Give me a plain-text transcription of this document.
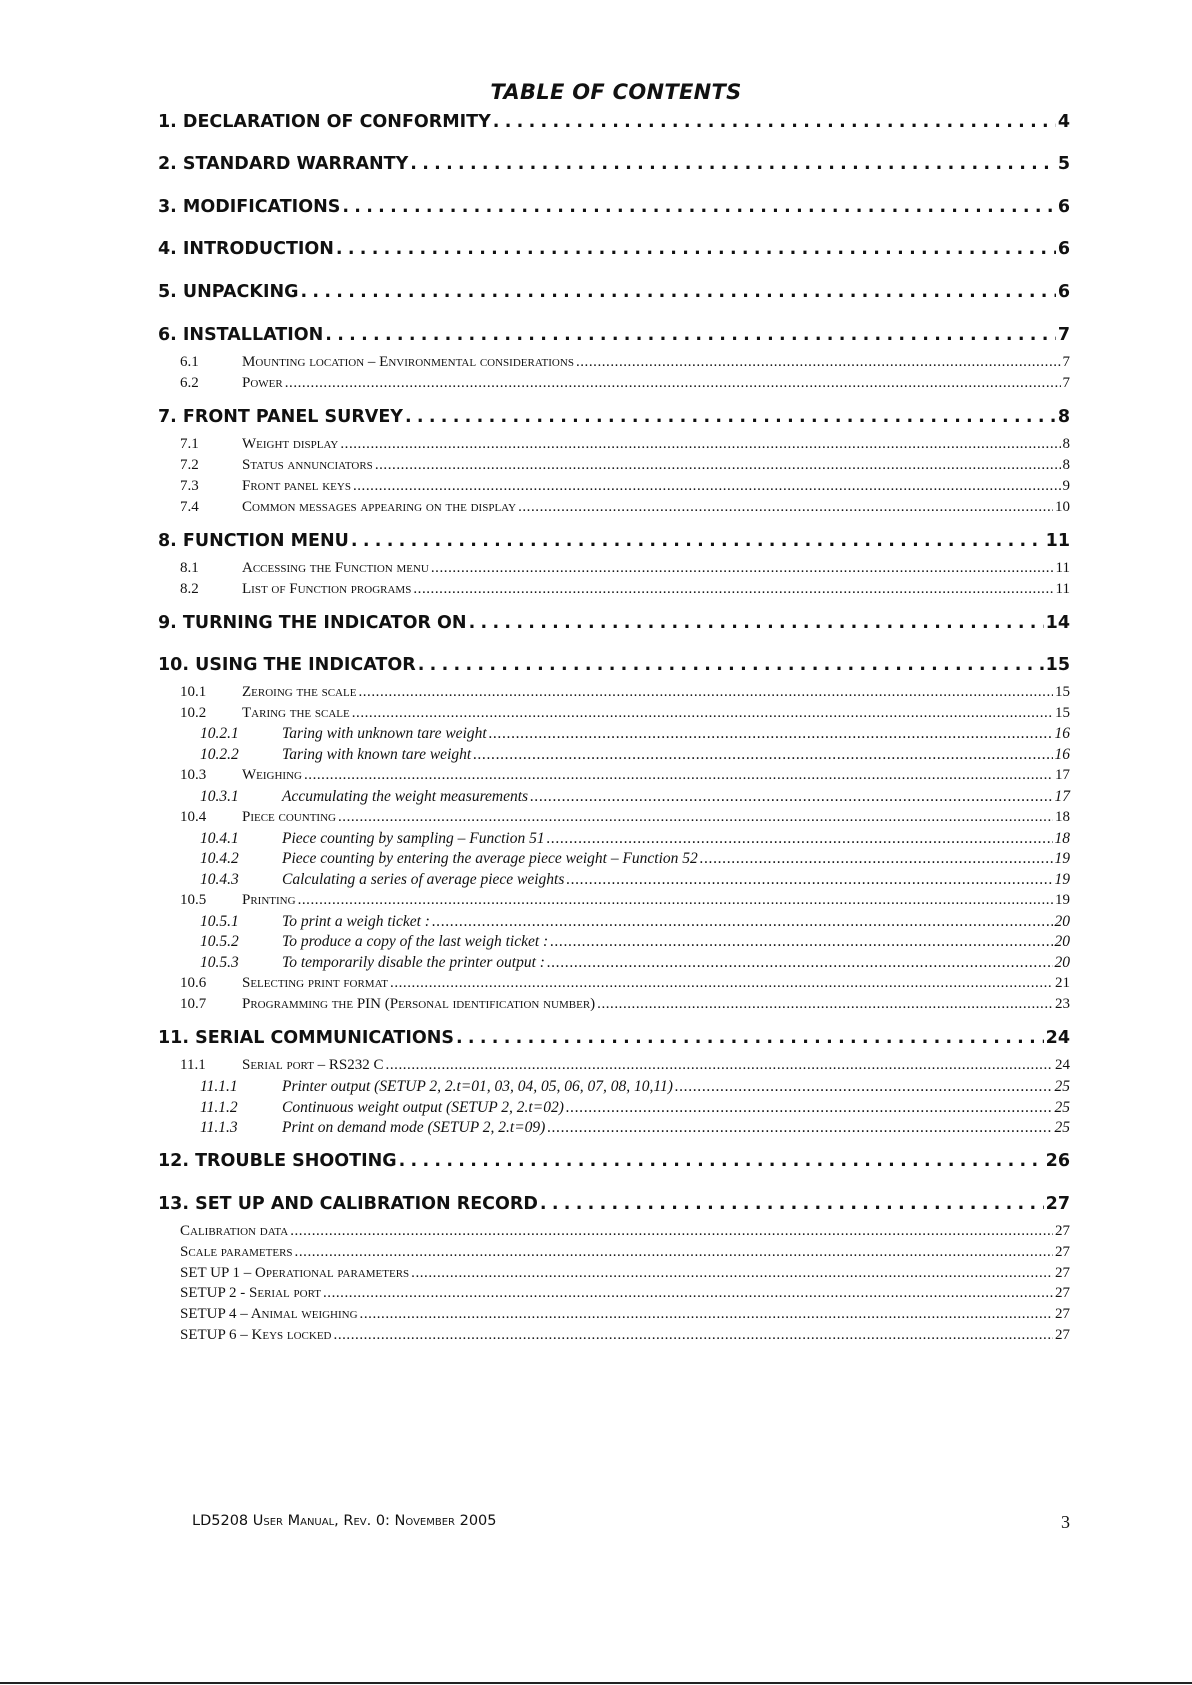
TABLE OF CONTENTS
1. DECLARATION OF CONFORMITY . . .	4
2. STANDARD WARRANTY . . .	5
3. MODIFICATIONS . . .	6
4. INTRODUCTION . . .	6
5. UNPACKING . . .	6
6. INSTALLATION . . .	7
6.1	Mounting location – Environmental considerations . . .	7
6.2	Power . . .	7
7. FRONT PANEL SURVEY . . .	8
7.1	Weight display . . .	8
7.2	Status annunciators . . .	8
7.3	Front panel keys . . .	9
7.4	Common messages appearing on the display . . .	10
8. FUNCTION MENU . . .	11
8.1	Accessing the Function menu . . .	11
8.2	List of Function programs . . .	11
9. TURNING THE INDICATOR ON . . .	14
10. USING THE INDICATOR . . .	15
10.1	Zeroing the scale . . .	15
10.2	Taring the scale . . .	15
10.2.1	Taring with unknown tare weight . . .	16
10.2.2	Taring with known tare weight . . .	16
10.3	Weighing . . .	17
10.3.1	Accumulating the weight measurements . . .	17
10.4	Piece counting . . .	18
10.4.1	Piece counting by sampling – Function 51 . . .	18
10.4.2	Piece counting by entering the average piece weight – Function 52 . . .	19
10.4.3	Calculating a series of average piece weights . . .	19
10.5	Printing . . .	19
10.5.1	To print a weigh ticket : . . .	20
10.5.2	To produce a copy of the last weigh ticket : . . .	20
10.5.3	To temporarily disable the printer output : . . .	20
10.6	Selecting print format . . .	21
10.7	Programming the PIN (Personal identification number) . . .	23
11. SERIAL COMMUNICATIONS . . .	24
11.1	Serial port – RS232 C . . .	24
11.1.1	Printer output (SETUP 2, 2.t=01, 03, 04, 05, 06, 07, 08, 10,11) . . .	25
11.1.2	Continuous weight output (SETUP 2, 2.t=02) . . .	25
11.1.3	Print on demand mode (SETUP 2, 2.t=09) . . .	25
12. TROUBLE SHOOTING . . .	26
13. SET UP AND CALIBRATION RECORD . . .	27
Calibration data . . .	27
Scale parameters . . .	27
SET UP 1 – Operational parameters . . .	27
SETUP 2 - Serial port . . .	27
SETUP 4 – Animal weighing . . .	27
SETUP 6 – Keys locked . . .	27
LD5208 User Manual, Rev. 0: November 2005	3
